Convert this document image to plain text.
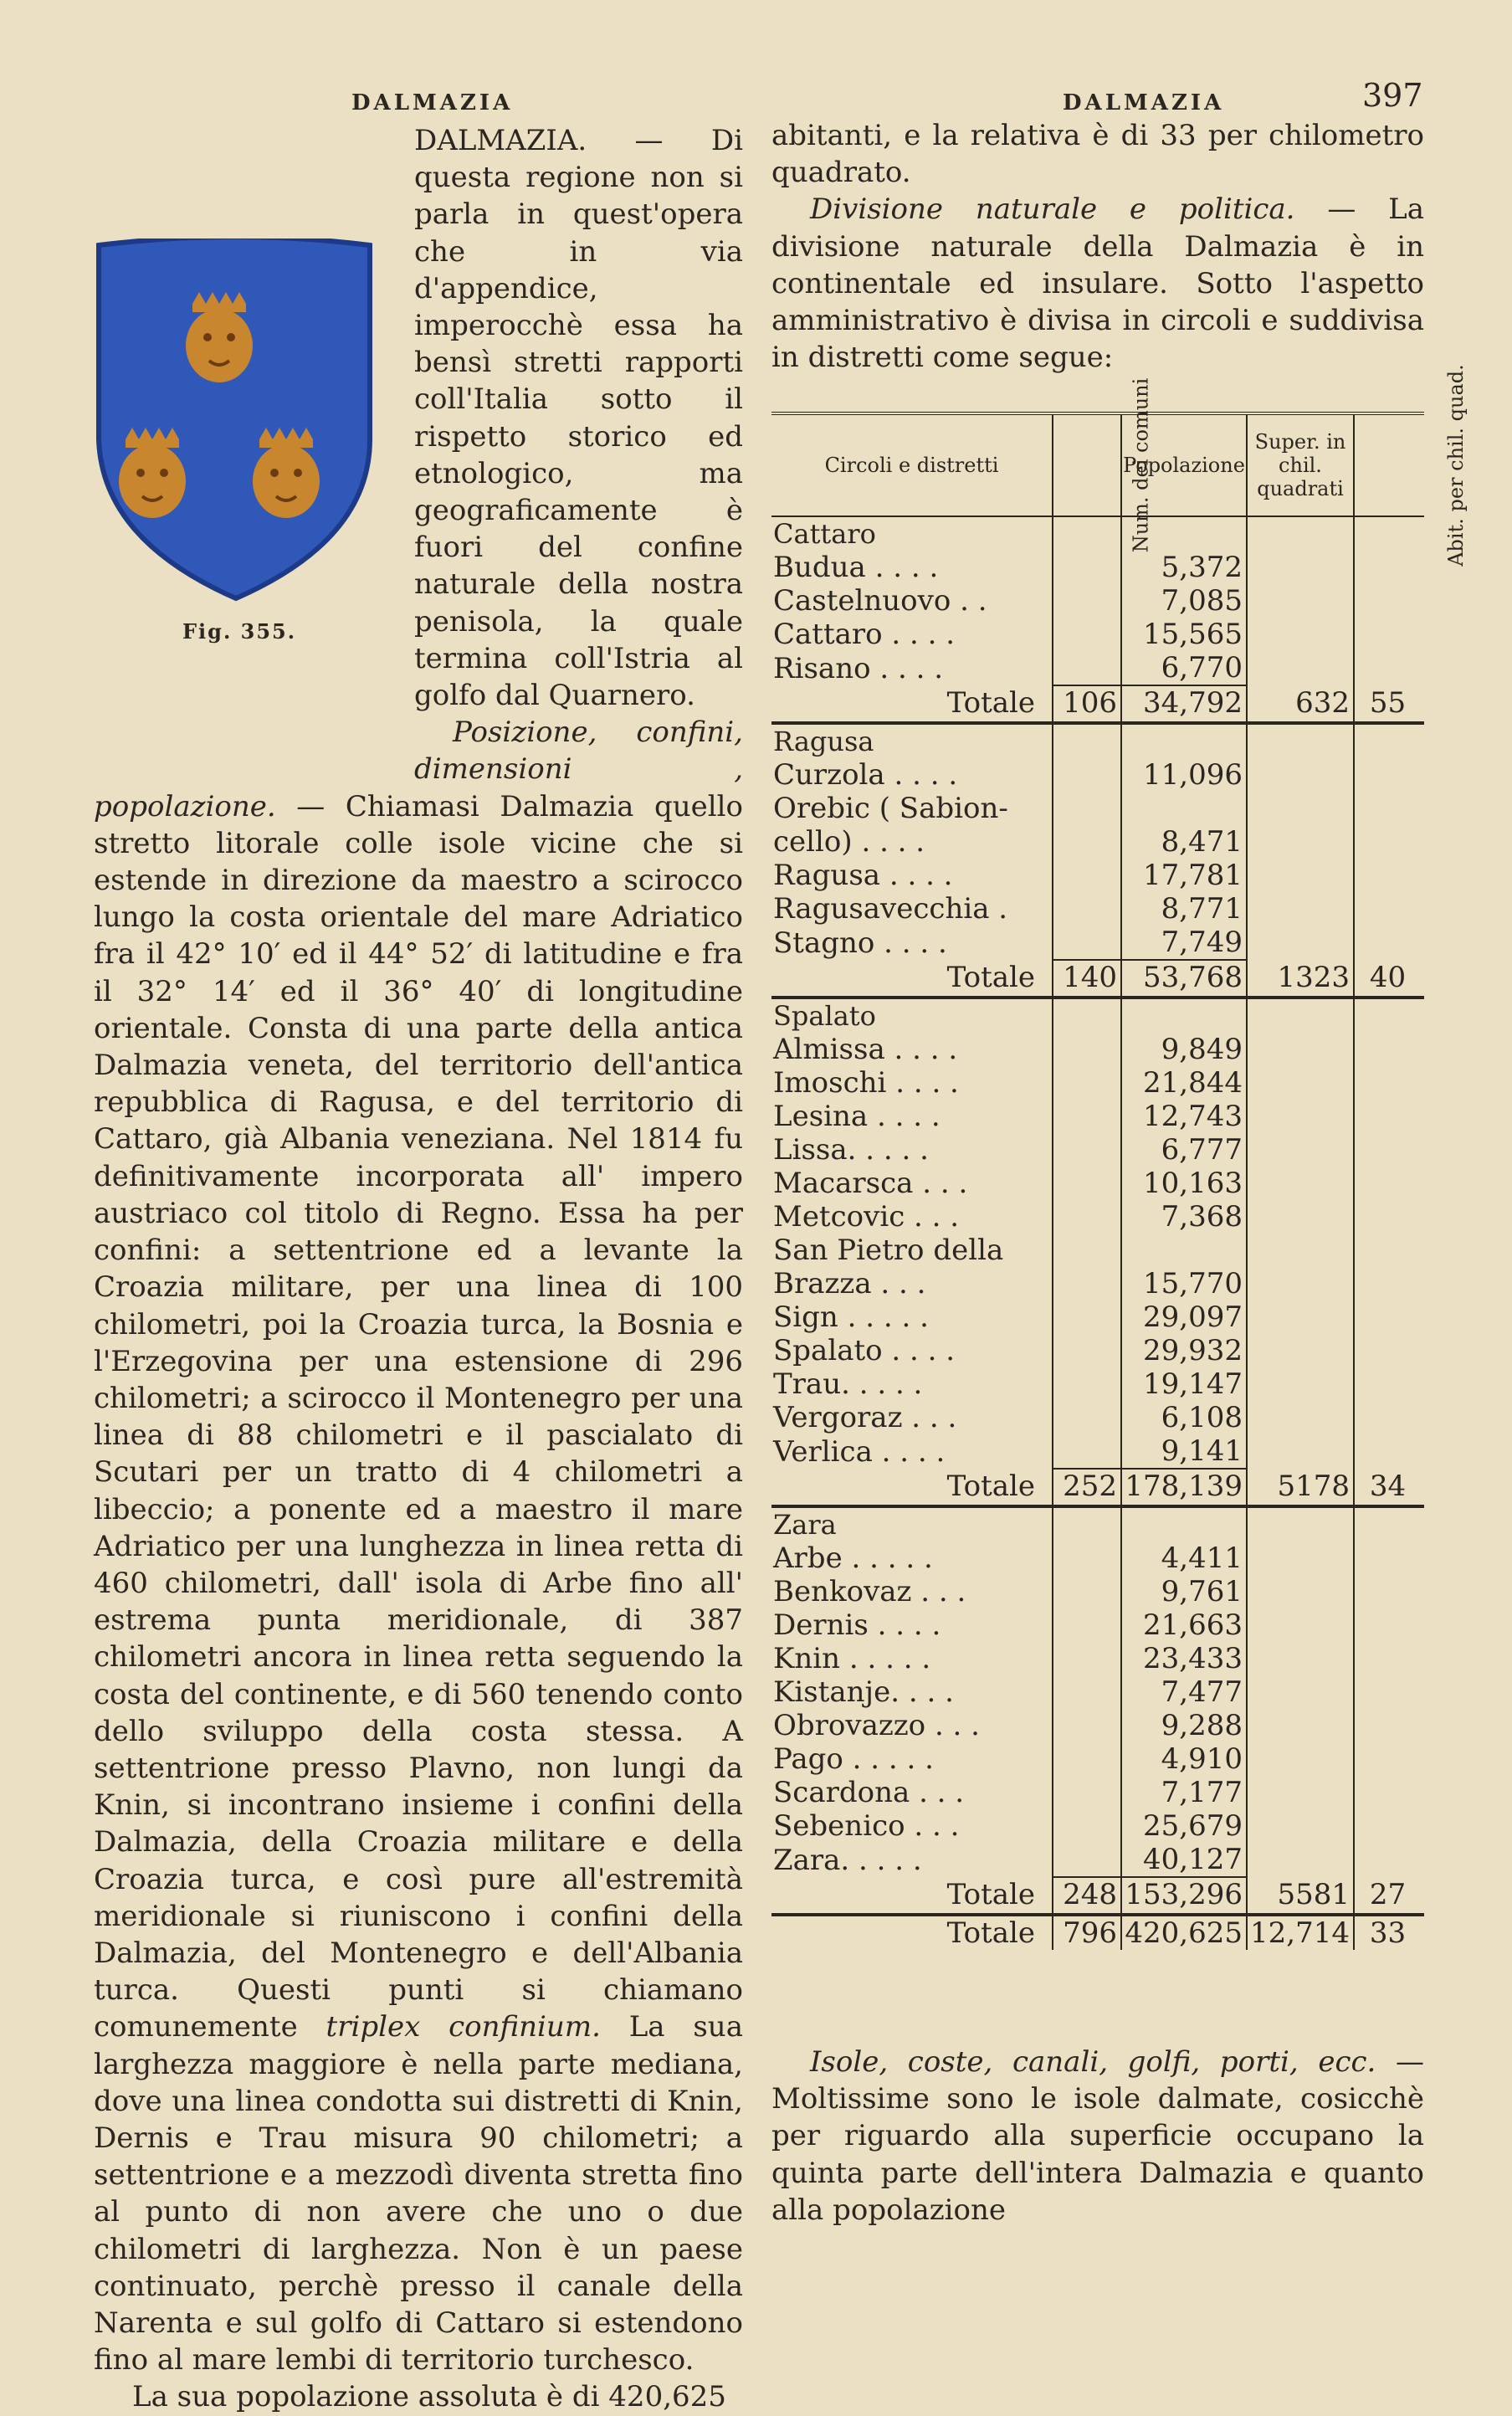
DALMAZIA	DALMAZIA	397
Fig. 355.

DALMAZIA. — Di questa regione non si parla in quest'opera che in via d'appendice, imperocchè essa ha bensì stretti rapporti coll'Italia sotto il rispetto storico ed etnologico, ma geograficamente è fuori del confine naturale della nostra penisola, la quale termina coll'Istria al golfo dal Quarnero.

Posizione, confini, dimensioni , popolazione. — Chiamasi Dalmazia quello stretto litorale colle isole vicine che si estende in direzione da maestro a scirocco lungo la costa orientale del mare Adriatico fra il 42° 10′ ed il 44° 52′ di latitudine e fra il 32° 14′ ed il 36° 40′ di longitudine orientale. Consta di una parte della antica Dalmazia veneta, del territorio dell'antica repubblica di Ragusa, e del territorio di Cattaro, già Albania veneziana. Nel 1814 fu definitivamente incorporata all' impero austriaco col titolo di Regno. Essa ha per confini: a settentrione ed a levante la Croazia militare, per una linea di 100 chilometri, poi la Croazia turca, la Bosnia e l'Erzegovina per una estensione di 296 chilometri; a scirocco il Montenegro per una linea di 88 chilometri e il pascialato di Scutari per un tratto di 4 chilometri a libeccio; a ponente ed a maestro il mare Adriatico per una lunghezza in linea retta di 460 chilometri, dall' isola di Arbe fino all' estrema punta meridionale, di 387 chilometri ancora in linea retta seguendo la costa del continente, e di 560 tenendo conto dello sviluppo della costa stessa. A settentrione presso Plavno, non lungi da Knin, si incontrano insieme i confini della Dalmazia, della Croazia militare e della Croazia turca, e così pure all'estremità meridionale si riuniscono i confini della Dalmazia, del Montenegro e dell'Albania turca. Questi punti si chiamano comunemente triplex confinium. La sua larghezza maggiore è nella parte mediana, dove una linea condotta sui distretti di Knin, Dernis e Trau misura 90 chilometri; a settentrione e a mezzodì diventa stretta fino al punto di non avere che uno o due chilometri di larghezza. Non è un paese continuato, perchè presso il canale della Narenta e sul golfo di Cattaro si estendono fino al mare lembi di territorio turchesco.

La sua popolazione assoluta è di 420,625

abitanti, e la relativa è di 33 per chilometro quadrato.

Divisione naturale e politica. — La divisione naturale della Dalmazia è in continentale ed insulare. Sotto l'aspetto amministrativo è divisa in circoli e suddivisa in distretti come segue:

Circoli e distretti	Num. dei comuni	Popolazione	Super. in chil. quadrati	Abit. per chil. quad.
Cattaro				
Budua . . . .		5,372		
Castelnuovo . .		7,085		
Cattaro . . . .		15,565		
Risano . . . .		6,770		
Totale	106	34,792	632	55
Ragusa				
Curzola . . . .		11,096		
Orebic ( Sabion-				
cello) . . . .		8,471		
Ragusa . . . .		17,781		
Ragusavecchia .		8,771		
Stagno . . . .		7,749		
Totale	140	53,768	1323	40
Spalato				
Almissa . . . .		9,849		
Imoschi . . . .		21,844		
Lesina . . . .		12,743		
Lissa. . . . .		6,777		
Macarsca . . .		10,163		
Metcovic . . .		7,368		
San Pietro della				
Brazza . . .		15,770		
Sign . . . . .		29,097		
Spalato . . . .		29,932		
Trau. . . . .		19,147		
Vergoraz . . .		6,108		
Verlica . . . .		9,141		
Totale	252	178,139	5178	34
Zara				
Arbe . . . . .		4,411		
Benkovaz . . .		9,761		
Dernis . . . .		21,663		
Knin . . . . .		23,433		
Kistanje. . . .		7,477		
Obrovazzo . . .		9,288		
Pago . . . . .		4,910		
Scardona . . .		7,177		
Sebenico . . .		25,679		
Zara. . . . .		40,127		
Totale	248	153,296	5581	27
Totale	796	420,625	12,714	33

Isole, coste, canali, golfi, porti, ecc. — Moltissime sono le isole dalmate, cosicchè per riguardo alla superficie occupano la quinta parte dell'intera Dalmazia e quanto alla popolazione
